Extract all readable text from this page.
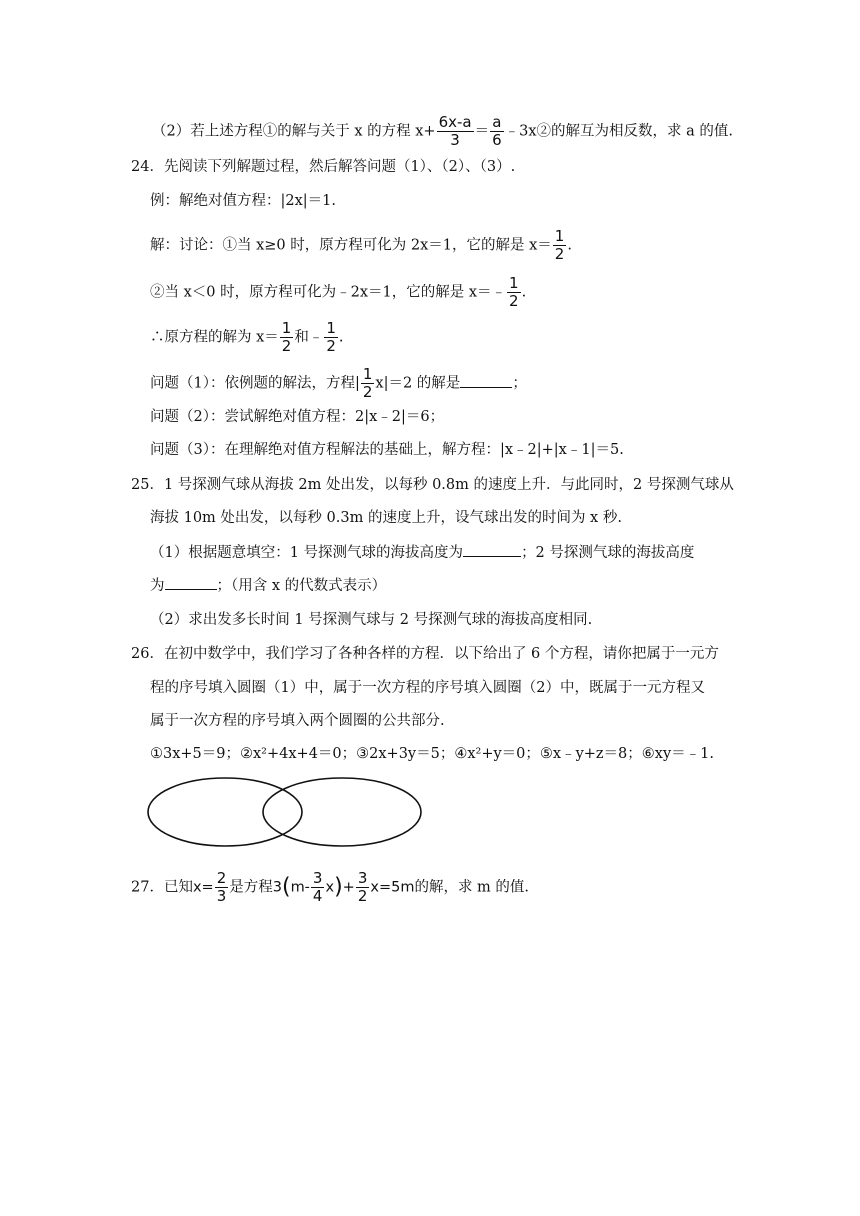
（2）若上述方程①的解与关于 x 的方程 $x+ \frac{6x-a}{3} = \frac{a}{6}$ ﹣3x②的解互为相反数，求 a 的值.
24．先阅读下列解题过程，然后解答问题（1）、（2）、（3）.
例：解绝对值方程：|2x|＝1.
解：讨论：①当 x≥0 时，原方程可化为 2x＝1，它的解是 $x= \frac{1}{2}$ .
②当 x＜0 时，原方程可化为﹣2x＝1，它的解是 x＝﹣ $\frac{1}{2}$ .
∴原方程的解为 $x= \frac{1}{2}$ 和﹣ $\frac{1}{2}$ .
问题（1）：依例题的解法，方程| $\frac{1}{2} x|=2$ 的解是	；
问题（2）：尝试解绝对值方程：2|x﹣2|＝6；
问题（3）：在理解绝对值方程解法的基础上，解方程：|x﹣2|+|x﹣1|＝5.
25．1 号探测气球从海拔 2m 处出发，以每秒 0.8m 的速度上升．与此同时，2 号探测气球从
海拔 10m 处出发，以每秒 0.3m 的速度上升，设气球出发的时间为 x 秒.
（1）根据题意填空：1 号探测气球的海拔高度为	；2 号探测气球的海拔高度
为	；（用含 x 的代数式表示）
（2）求出发多长时间 1 号探测气球与 2 号探测气球的海拔高度相同.
26．在初中数学中，我们学习了各种各样的方程．以下给出了 6 个方程，请你把属于一元方
程的序号填入圆圈（1）中，属于一次方程的序号填入圆圈（2）中，既属于一元方程又
属于一次方程的序号填入两个圆圈的公共部分.
①3x+5＝9；②x²+4x+4＝0；③2x+3y＝5；④x²+y＝0；⑤x﹣y+z＝8；⑥xy＝﹣1.
27．已知$x= \frac{2}{3}$ 是方程$3(m- \frac{3}{4} x)+ \frac{3}{2} x=5m$的解，求 m 的值.
